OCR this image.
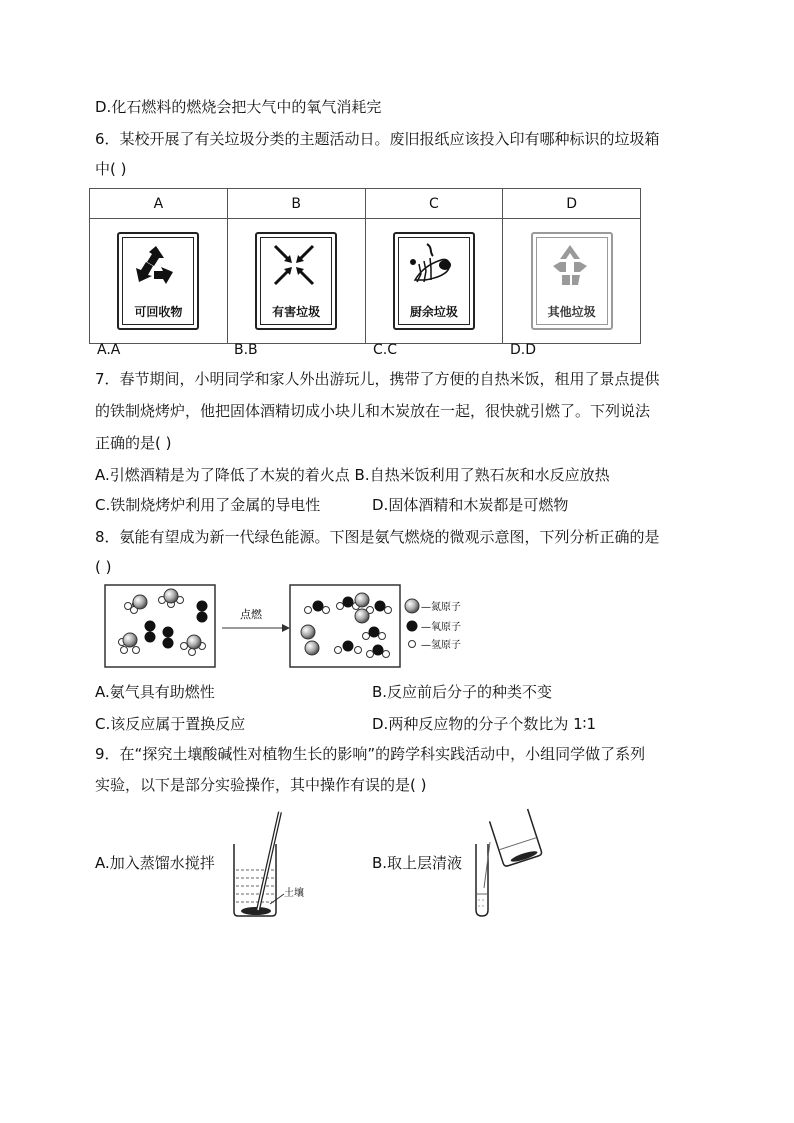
D.化石燃料的燃烧会把大气中的氧气消耗完
6．某校开展了有关垃圾分类的主题活动日。废旧报纸应该投入印有哪种标识的垃圾箱
中( )
A	B	C	D

可回收物	有害垃圾	厨余垃圾	其他垃圾
A.A	B.B	C.C	D.D
7．春节期间，小明同学和家人外出游玩儿，携带了方便的自热米饭，租用了景点提供
的铁制烧烤炉，他把固体酒精切成小块儿和木炭放在一起，很快就引燃了。下列说法
正确的是( )
A.引燃酒精是为了降低了木炭的着火点 B.自热米饭利用了熟石灰和水反应放热
C.铁制烧烤炉利用了金属的导电性	D.固体酒精和木炭都是可燃物
8．氨能有望成为新一代绿色能源。下图是氨气燃烧的微观示意图，下列分析正确的是
( )
点燃
—氮原子
—氧原子
—氢原子
A.氨气具有助燃性	B.反应前后分子的种类不变
C.该反应属于置换反应	D.两种反应物的分子个数比为 1∶1
9．在“探究土壤酸碱性对植物生长的影响”的跨学科实践活动中，小组同学做了系列
实验，以下是部分实验操作，其中操作有误的是( )
A.加入蒸馏水搅拌
土壤
B.取上层清液
